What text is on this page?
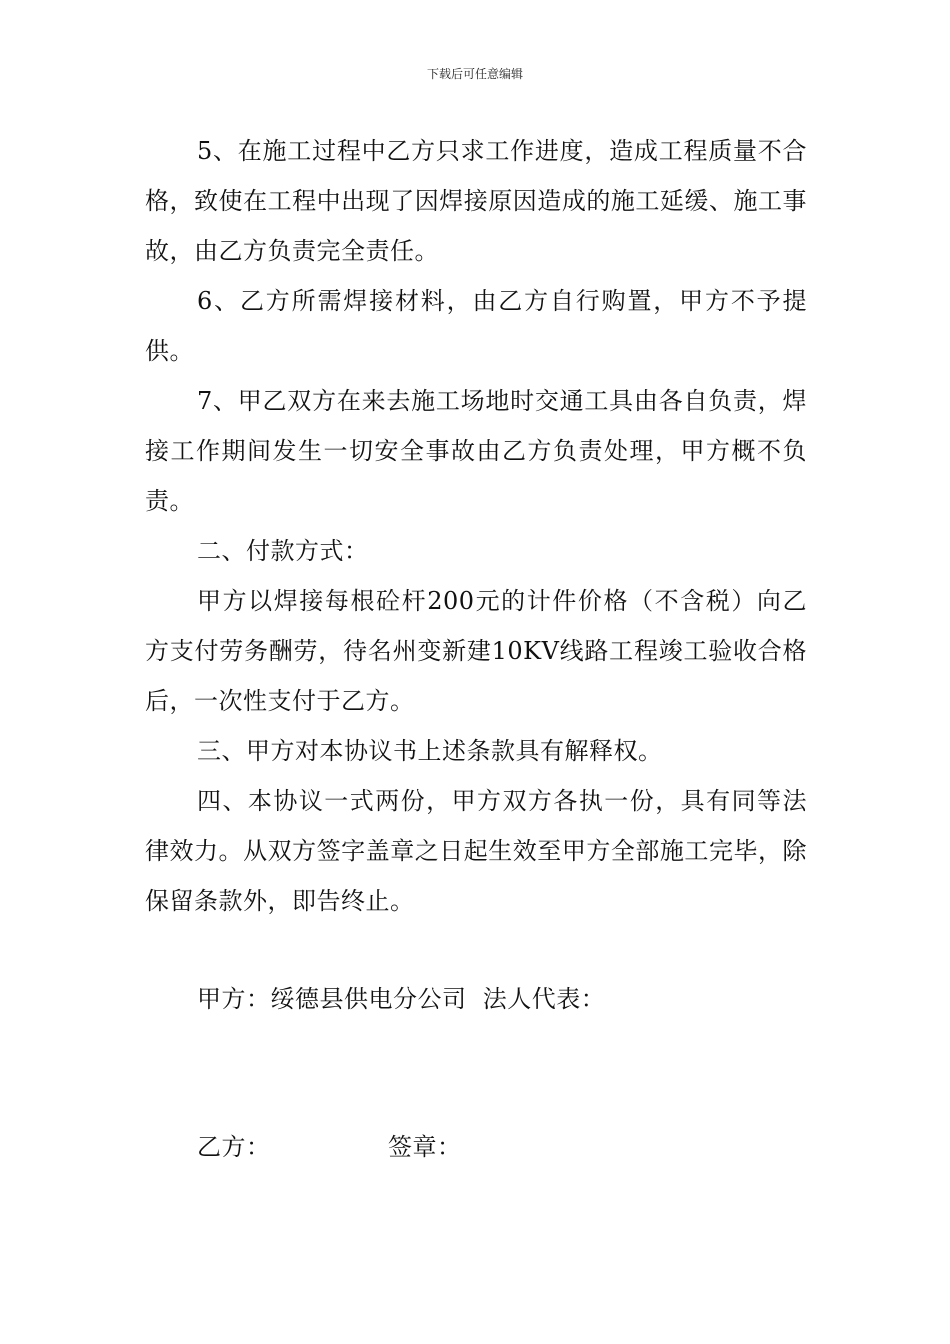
下载后可任意编辑

5、在施工过程中乙方只求工作进度，造成工程质量不合格，致使在工程中出现了因焊接原因造成的施工延缓、施工事故，由乙方负责完全责任。

6、乙方所需焊接材料，由乙方自行购置，甲方不予提供。

7、甲乙双方在来去施工场地时交通工具由各自负责，焊接工作期间发生一切安全事故由乙方负责处理，甲方概不负责。

二、付款方式：

甲方以焊接每根砼杆200元的计件价格（不含税）向乙方支付劳务酬劳，待名州变新建10KV线路工程竣工验收合格后，一次性支付于乙方。

三、甲方对本协议书上述条款具有解释权。

四、本协议一式两份，甲方双方各执一份，具有同等法律效力。从双方签字盖章之日起生效至甲方全部施工完毕，除保留条款外，即告终止。

甲方：绥德县供电分公司  法人代表：
乙方：	签章：
